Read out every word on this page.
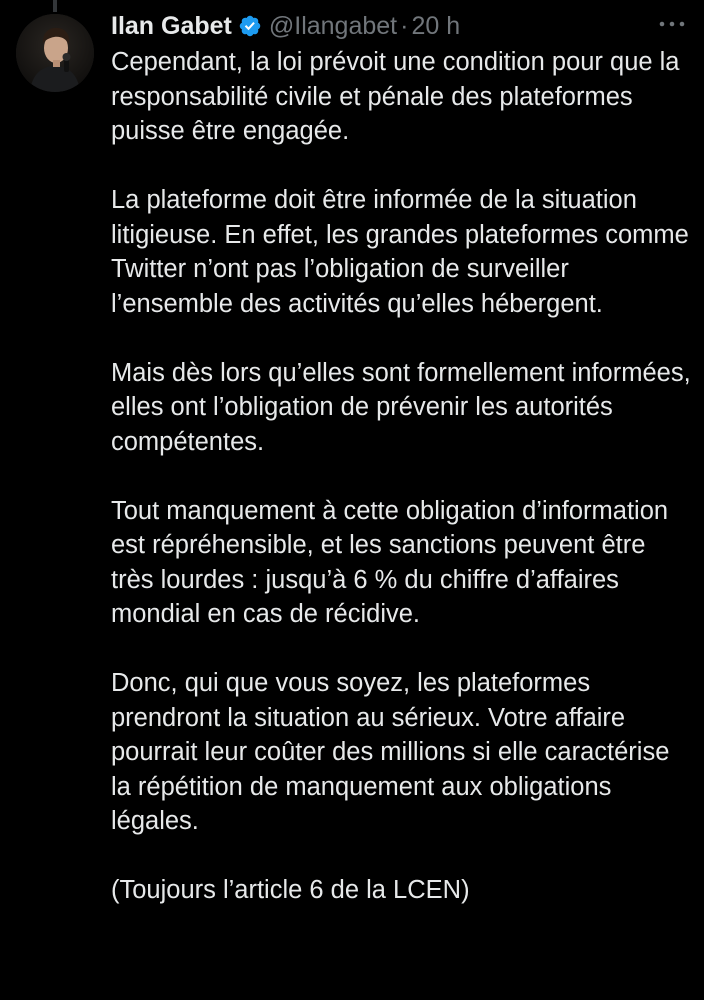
Ilan Gabet @Ilangabet · 20 h

Cependant, la loi prévoit une condition pour que la responsabilité civile et pénale des plateformes puisse être engagée.

La plateforme doit être informée de la situation litigieuse. En effet, les grandes plateformes comme Twitter n’ont pas l’obligation de surveiller l’ensemble des activités qu’elles hébergent.

Mais dès lors qu’elles sont formellement informées, elles ont l’obligation de prévenir les autorités compétentes.

Tout manquement à cette obligation d’information est répréhensible, et les sanctions peuvent être très lourdes : jusqu’à 6 % du chiffre d’affaires mondial en cas de récidive.

Donc, qui que vous soyez, les plateformes prendront la situation au sérieux. Votre affaire pourrait leur coûter des millions si elle caractérise la répétition de manquement aux obligations légales.

(Toujours l’article 6 de la LCEN)
